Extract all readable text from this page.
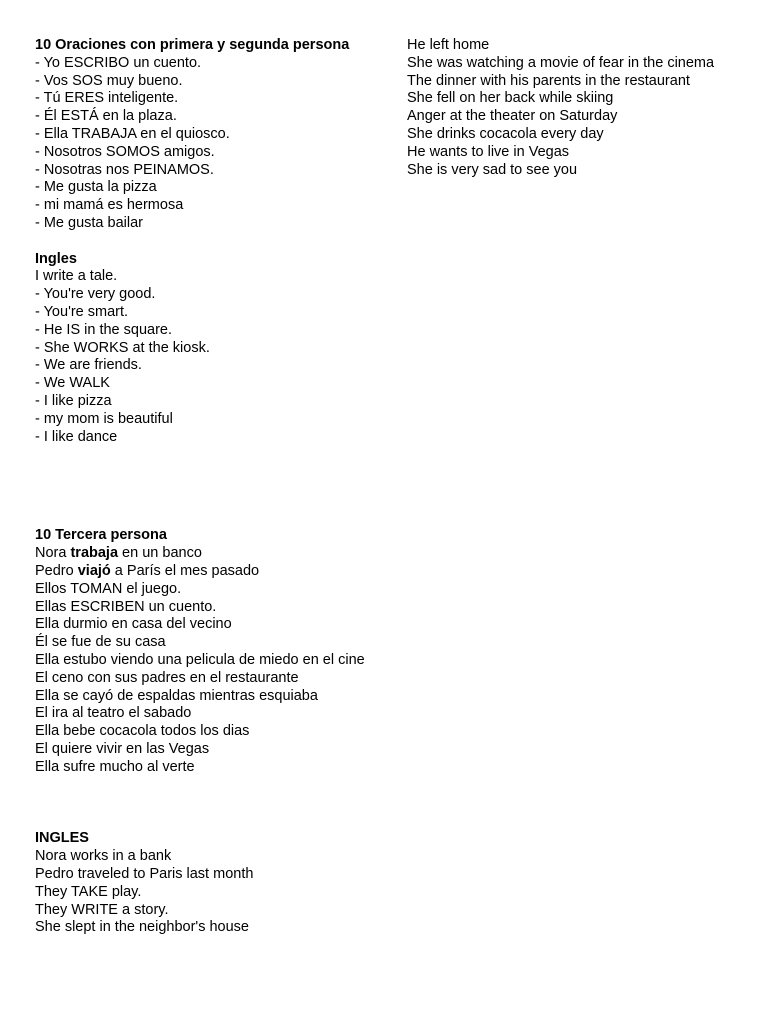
10 Oraciones con primera y segunda persona
- Yo ESCRIBO un cuento.
- Vos SOS muy bueno.
- Tú ERES inteligente.
- Él ESTÁ en la plaza.
- Ella TRABAJA en el quiosco.
- Nosotros SOMOS amigos.
- Nosotras nos PEINAMOS.
- Me gusta la pizza
- mi mamá es hermosa
- Me gusta bailar
Ingles
I write a tale.
- You're very good.
- You're smart.
- He IS in the square.
- She WORKS at the kiosk.
- We are friends.
- We WALK
- I like pizza
- my mom is beautiful
- I like dance
10 Tercera persona
Nora trabaja en un banco
Pedro viajó a París el mes pasado
Ellos TOMAN el juego.
Ellas ESCRIBEN un cuento.
Ella durmio en casa del vecino
Él se fue de su casa
Ella estubo viendo una pelicula de miedo en el cine
El ceno con sus padres en el restaurante
Ella se cayó de espaldas mientras esquiaba
El ira al teatro el sabado
Ella bebe cocacola todos los dias
El quiere vivir en las Vegas
Ella sufre mucho al verte
INGLES
Nora works in a bank
Pedro traveled to Paris last month
They TAKE play.
They WRITE a story.
She slept in the neighbor's house
He left home
She was watching a movie of fear in the cinema
The dinner with his parents in the restaurant
She fell on her back while skiing
Anger at the theater on Saturday
She drinks cocacola every day
He wants to live in Vegas
She is very sad to see you
